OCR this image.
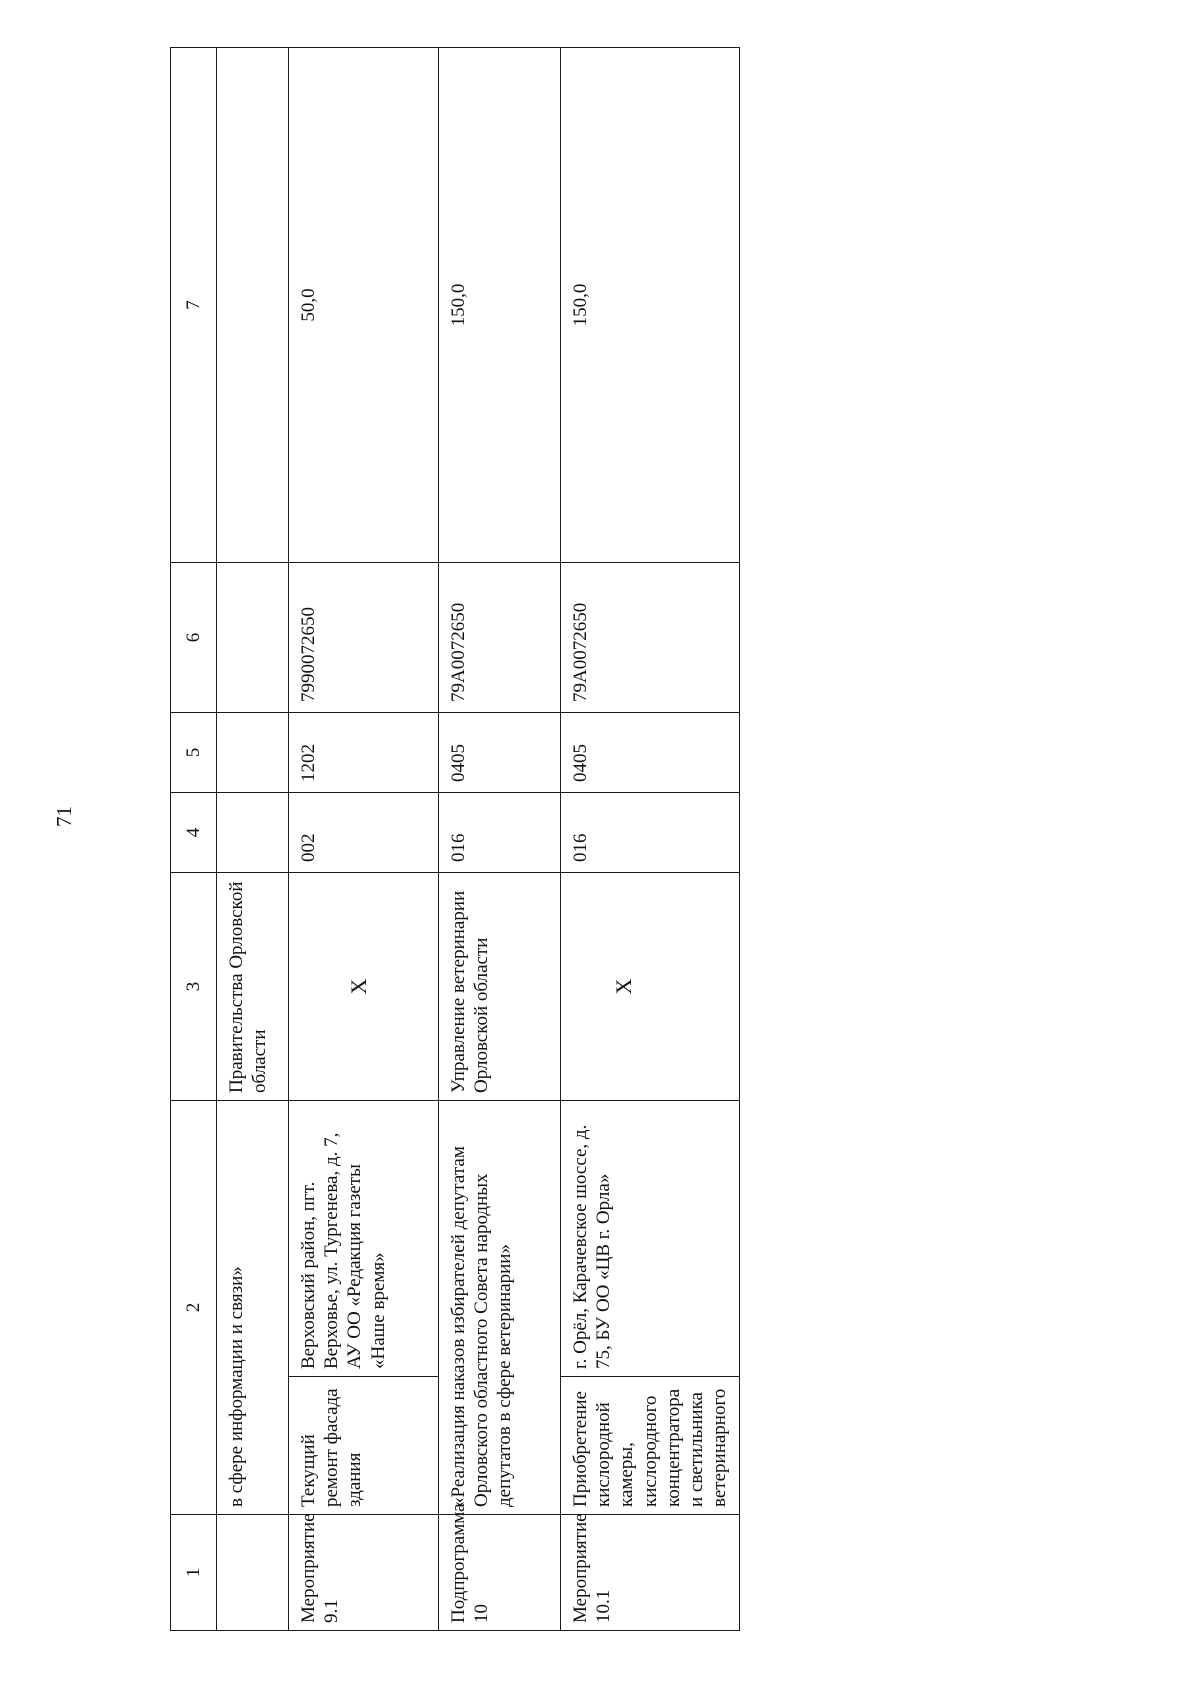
71
1	2		3	4	5	6	7
	в сфере информации и связи»		Правительства Орловской области				
Мероприятие 9.1	Текущий ремонт фасада здания	Верховский район, пгт. Верховье, ул. Тургенева, д. 7, АУ ОО «Редакция газеты «Наше время»	X	002	1202	7990072650	50,0
Подпрограмма 10	«Реализация наказов избирателей депутатам Орловского областного Совета народных депутатов в сфере ветеринарии»		Управление ветеринарии Орловской области	016	0405	79А0072650	150,0
Мероприятие 10.1	Приобретение кислородной камеры, кислородного концентратора и светильника ветеринарного	г. Орёл, Карачевское шоссе, д. 75, БУ ОО «ЦВ г. Орла»	X	016	0405	79А0072650	150,0
